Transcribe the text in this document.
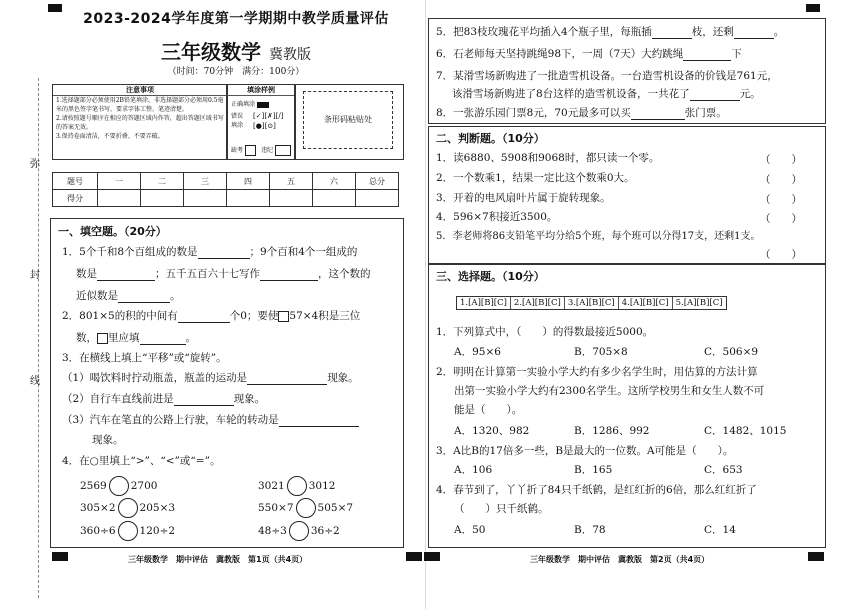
弥
封
线
2023-2024学年度第一学期期中教学质量评估
三年级数学 冀教版
（时间：70分钟　满分：100分）
注意事项

1.选择题部分必须使用2B铅笔填涂，非选择题部分必须用0.5毫米的黑色签字笔书写，要求字体工整、笔迹清楚。

2.请按照题号顺序在相应的答题区域内作答，超出答题区域书写的答案无效。

3.保持卷面清洁，不要折叠、不要弄破。

填涂样例
正确填涂
错误
填涂
[✓][✗][/]
[●][⊙]
缺考	违纪
条形码粘贴处
题号	一	二	三	四	五	六	总分
得分							
一、填空题。（20分）
1．5个千和8个百组成的数是	；9个百和4个一组成的
数是	；五千五百六十七写作	，这个数的
近似数是	。
2．801×5的积的中间有	个0；要使 57×4积是三位
数， 里应填	。
3．在横线上填上“平移”或“旋转”。
（1）喝饮料时拧动瓶盖，瓶盖的运动是	现象。
（2）自行车直线前进是	现象。
（3）汽车在笔直的公路上行驶，车轮的转动是
现象。
4．在○里填上“>”、“<”或“=”。
2569 2700	3021 3012
305×2 205×3	550×7 505×7
360÷6 120÷2	48÷3 36÷2
三年级数学　期中评估　冀教版　第1页（共4页）
5．把83枝玫瑰花平均插入4个瓶子里，每瓶插	枝，还剩	。
6．石老师每天坚持跳绳98下，一周（7天）大约跳绳	下
7．某滑雪场新购进了一批造雪机设备。一台造雪机设备的价钱是761元，
该滑雪场新购进了8台这样的造雪机设备，一共花了	元。
8．一张游乐园门票8元，70元最多可以买	张门票。
二、判断题。（10分）
1．读6880、5908和9068时，都只读一个零。	（　　）
2．一个数乘1，结果一定比这个数乘0大。	（　　）
3．开着的电风扇叶片属于旋转现象。	（　　）
4．596×7积接近3500。	（　　）
5．李老师将86支铅笔平均分给5个班，每个班可以分得17支，还剩1支。
（　　）
三、选择题。（10分）
1.[A][B][C] 2.[A][B][C] 3.[A][B][C] 4.[A][B][C] 5.[A][B][C]
1．下列算式中，（　　）的得数最接近5000。
A．95×6	B．705×8	C．506×9
2．明明在计算第一实验小学大约有多少名学生时，用估算的方法计算
出第一实验小学大约有2300名学生。这所学校男生和女生人数不可
能是（　　）。
A．1320、982	B．1286、992	C．1482、1015
3．A比B的17倍多一些，B是最大的一位数。A可能是（　　）。
A．106	B．165	C．653
4．春节到了，丫丫折了84只千纸鹤，是红红折的6倍，那么红红折了
（　　）只千纸鹤。
A．50	B．78	C．14
三年级数学　期中评估　冀教版　第2页（共4页）
